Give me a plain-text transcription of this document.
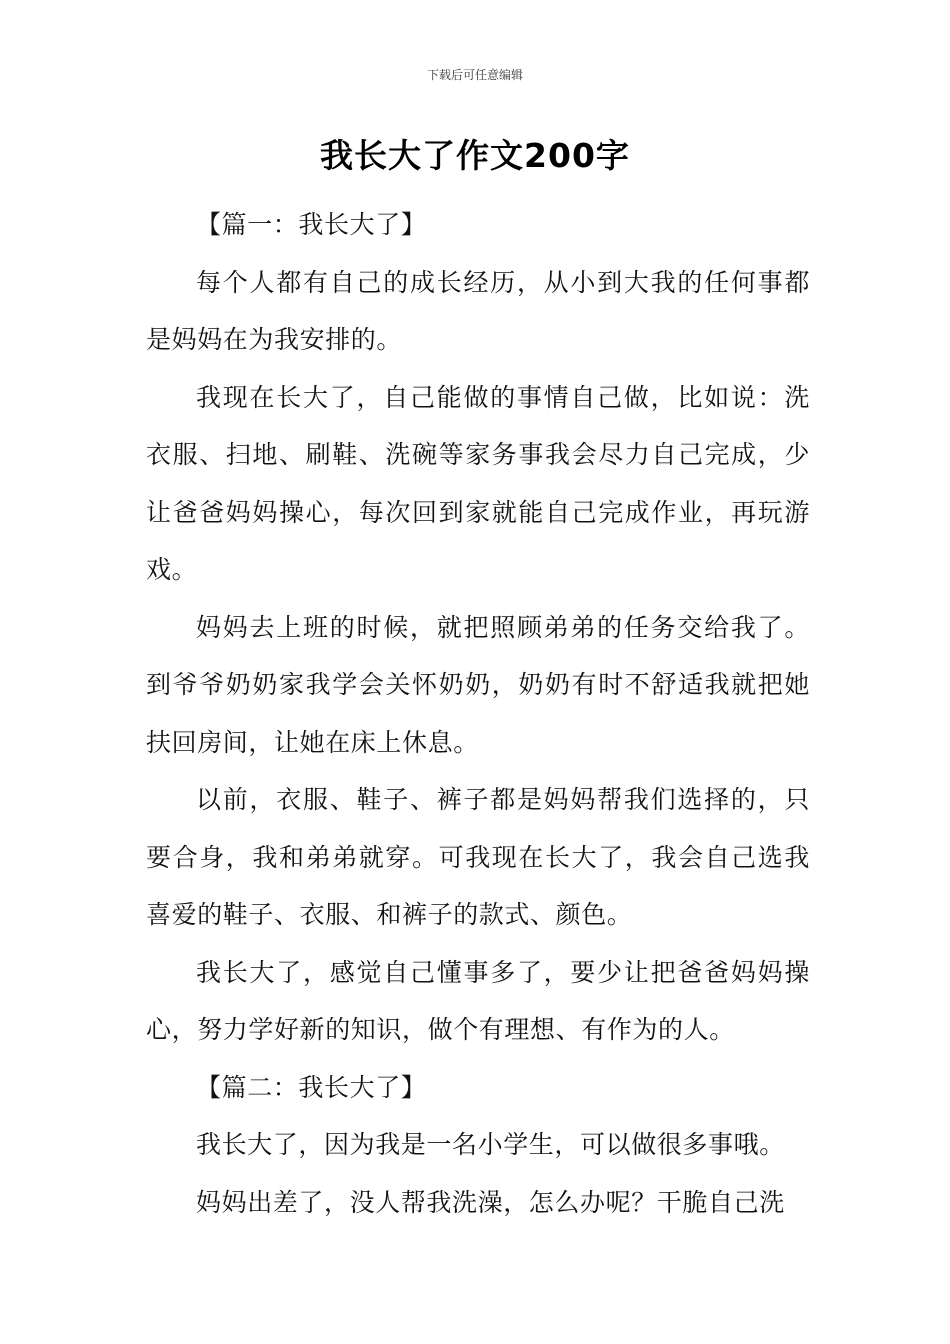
下载后可任意编辑
我长大了作文200字

【篇一：我长大了】

每个人都有自己的成长经历，从小到大我的任何事都是妈妈在为我安排的。

我现在长大了，自己能做的事情自己做，比如说：洗衣服、扫地、刷鞋、洗碗等家务事我会尽力自己完成，少让爸爸妈妈操心，每次回到家就能自己完成作业，再玩游戏。

妈妈去上班的时候，就把照顾弟弟的任务交给我了。到爷爷奶奶家我学会关怀奶奶，奶奶有时不舒适我就把她扶回房间，让她在床上休息。

以前，衣服、鞋子、裤子都是妈妈帮我们选择的，只要合身，我和弟弟就穿。可我现在长大了，我会自己选我喜爱的鞋子、衣服、和裤子的款式、颜色。

我长大了，感觉自己懂事多了，要少让把爸爸妈妈操心，努力学好新的知识，做个有理想、有作为的人。

【篇二：我长大了】

我长大了，因为我是一名小学生，可以做很多事哦。

妈妈出差了，没人帮我洗澡，怎么办呢？干脆自己洗
